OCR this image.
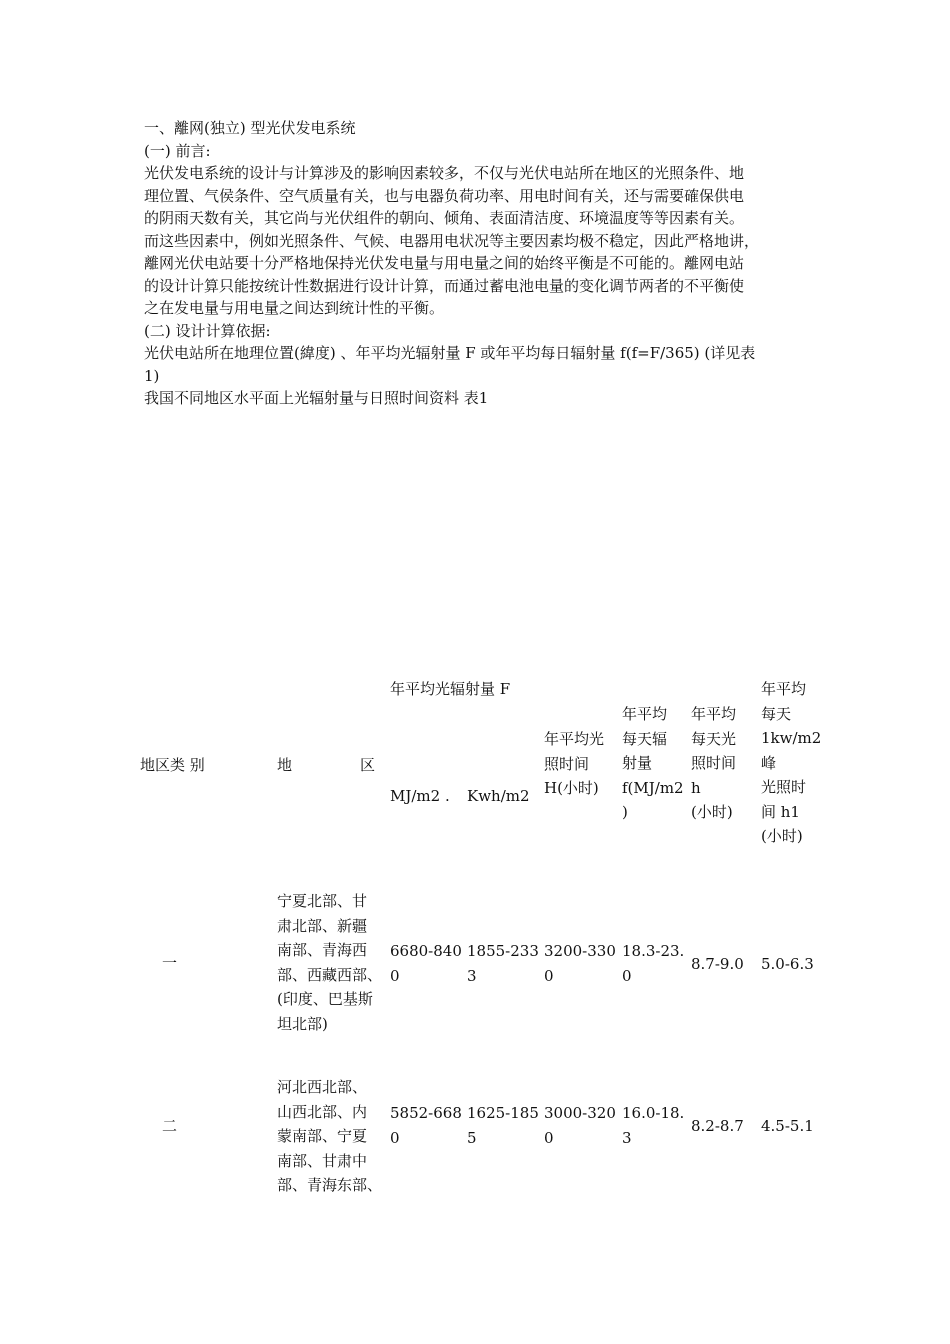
一、離网(独立) 型光伏发电系统
(一) 前言:
光伏发电系统的设计与计算涉及的影响因素较多，不仅与光伏电站所在地区的光照条件、地
理位置、气侯条件、空气质量有关，也与电器负荷功率、用电时间有关，还与需要確保供电
的阴雨天数有关，其它尚与光伏组件的朝向、倾角、表面清洁度、环境温度等等因素有关。
而这些因素中，例如光照条件、气候、电器用电状况等主要因素均极不稳定，因此严格地讲，
離网光伏电站要十分严格地保持光伏发电量与用电量之间的始终平衡是不可能的。離网电站
的设计计算只能按统计性数据进行设计计算，而通过蓄电池电量的变化调节两者的不平衡使
之在发电量与用电量之间达到统计性的平衡。
(二) 设计计算依据:
光伏电站所在地理位置(緯度) 、年平均光辐射量 F 或年平均每日辐射量 f(f=F/365) (详见表
1)
我国不同地区水平面上光辐射量与日照时间资料 表1
地区类 别	地	区
年平均光辐射量 F
MJ/m2 . Kwh/m2
年平均光
照时间
H(小时)
年平均
每天辐
射量
f(MJ/m2
)
年平均
每天光
照时间
h
(小时)
年平均
每天
1kw/m2
峰
光照时
间 h1
(小时)
一
宁夏北部、甘
肃北部、新疆
南部、青海西
部、西藏西部、
(印度、巴基斯
坦北部)
6680-840
0
1855-233
3
3200-330
0
18.3-23.
0
8.7-9.0 5.0-6.3
二
河北西北部、
山西北部、内
蒙南部、宁夏
南部、甘肃中
部、青海东部、
5852-668
0
1625-185
5
3000-320
0
16.0-18.
3
8.2-8.7 4.5-5.1
